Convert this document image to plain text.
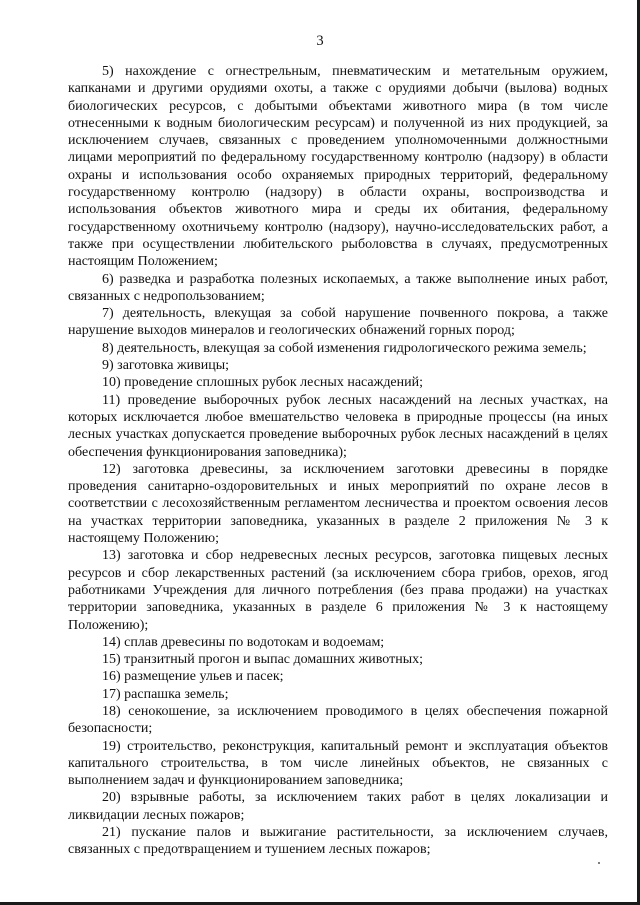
3

5) нахождение с огнестрельным, пневматическим и метательным оружием, капканами и другими орудиями охоты, а также с орудиями добычи (вылова) водных биологических ресурсов, с добытыми объектами животного мира (в том числе отнесенными к водным биологическим ресурсам) и полученной из них продукцией, за исключением случаев, связанных с проведением уполномоченными должностными лицами мероприятий по федеральному государственному контролю (надзору) в области охраны и использования особо охраняемых природных территорий, федеральному государственному контролю (надзору) в области охраны, воспроизводства и использования объектов животного мира и среды их обитания, федеральному государственному охотничьему контролю (надзору), научно-исследовательских работ, а также при осуществлении любительского рыболовства в случаях, предусмотренных настоящим Положением;

6) разведка и разработка полезных ископаемых, а также выполнение иных работ, связанных с недропользованием;

7) деятельность, влекущая за собой нарушение почвенного покрова, а также нарушение выходов минералов и геологических обнажений горных пород;

8) деятельность, влекущая за собой изменения гидрологического режима земель;

9) заготовка живицы;

10) проведение сплошных рубок лесных насаждений;

11) проведение выборочных рубок лесных насаждений на лесных участках, на которых исключается любое вмешательство человека в природные процессы (на иных лесных участках допускается проведение выборочных рубок лесных насаждений в целях обеспечения функционирования заповедника);

12) заготовка древесины, за исключением заготовки древесины в порядке проведения санитарно-оздоровительных и иных мероприятий по охране лесов в соответствии с лесохозяйственным регламентом лесничества и проектом освоения лесов на участках территории заповедника, указанных в разделе 2 приложения № 3 к настоящему Положению;

13) заготовка и сбор недревесных лесных ресурсов, заготовка пищевых лесных ресурсов и сбор лекарственных растений (за исключением сбора грибов, орехов, ягод работниками Учреждения для личного потребления (без права продажи) на участках территории заповедника, указанных в разделе 6 приложения № 3 к настоящему Положению);

14) сплав древесины по водотокам и водоемам;

15) транзитный прогон и выпас домашних животных;

16) размещение ульев и пасек;

17) распашка земель;

18) сенокошение, за исключением проводимого в целях обеспечения пожарной безопасности;

19) строительство, реконструкция, капитальный ремонт и эксплуатация объектов капитального строительства, в том числе линейных объектов, не связанных с выполнением задач и функционированием заповедника;

20) взрывные работы, за исключением таких работ в целях локализации и ликвидации лесных пожаров;

21) пускание палов и выжигание растительности, за исключением случаев, связанных с предотвращением и тушением лесных пожаров;
